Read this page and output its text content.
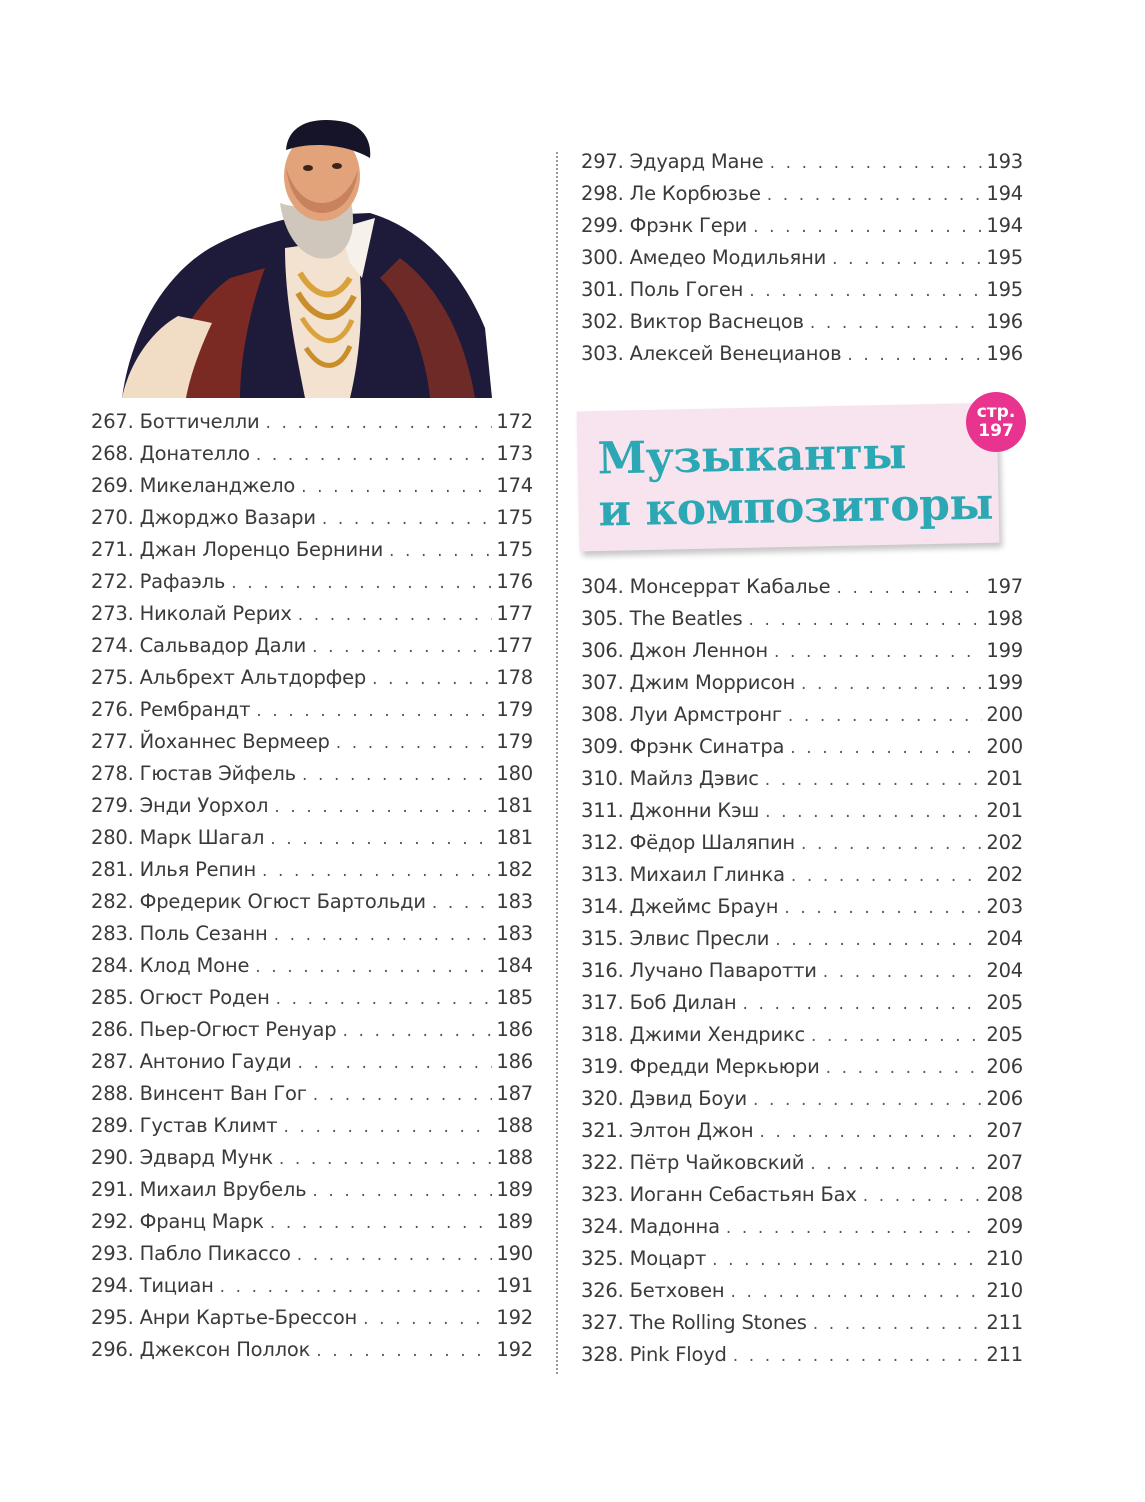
267. Боттичелли . . .	172
268. Донателло . . .	173
269. Микеланджело . . .	174
270. Джорджо Вазари . . .	175
271. Джан Лоренцо Бернини . . .	175
272. Рафаэль . . .	176
273. Николай Рерих . . .	177
274. Сальвадор Дали . . .	177
275. Альбрехт Альтдорфер . . .	178
276. Рембрандт . . .	179
277. Йоханнес Вермеер . . .	179
278. Гюстав Эйфель . . .	180
279. Энди Уорхол . . .	181
280. Марк Шагал . . .	181
281. Илья Репин . . .	182
282. Фредерик Огюст Бартольди . . .	183
283. Поль Сезанн . . .	183
284. Клод Моне . . .	184
285. Огюст Роден . . .	185
286. Пьер-Огюст Ренуар . . .	186
287. Антонио Гауди . . .	186
288. Винсент Ван Гог . . .	187
289. Густав Климт . . .	188
290. Эдвард Мунк . . .	188
291. Михаил Врубель . . .	189
292. Франц Марк . . .	189
293. Пабло Пикассо . . .	190
294. Тициан . . .	191
295. Анри Картье-Брессон . . .	192
296. Джексон Поллок . . .	192
297. Эдуард Мане . . .	193
298. Ле Корбюзье . . .	194
299. Фрэнк Гери . . .	194
300. Амедео Модильяни . . .	195
301. Поль Гоген . . .	195
302. Виктор Васнецов . . .	196
303. Алексей Венецианов . . .	196
Музыканты
и композиторы
стр.
197
304. Монсеррат Кабалье . . .	197
305. The Beatles . . .	198
306. Джон Леннон . . .	199
307. Джим Моррисон . . .	199
308. Луи Армстронг . . .	200
309. Фрэнк Синатра . . .	200
310. Майлз Дэвис . . .	201
311. Джонни Кэш . . .	201
312. Фёдор Шаляпин . . .	202
313. Михаил Глинка . . .	202
314. Джеймс Браун . . .	203
315. Элвис Пресли . . .	204
316. Лучано Паваротти . . .	204
317. Боб Дилан . . .	205
318. Джими Хендрикс . . .	205
319. Фредди Меркьюри . . .	206
320. Дэвид Боуи . . .	206
321. Элтон Джон . . .	207
322. Пётр Чайковский . . .	207
323. Иоганн Себастьян Бах . . .	208
324. Мадонна . . .	209
325. Моцарт . . .	210
326. Бетховен . . .	210
327. The Rolling Stones . . .	211
328. Pink Floyd . . .	211
